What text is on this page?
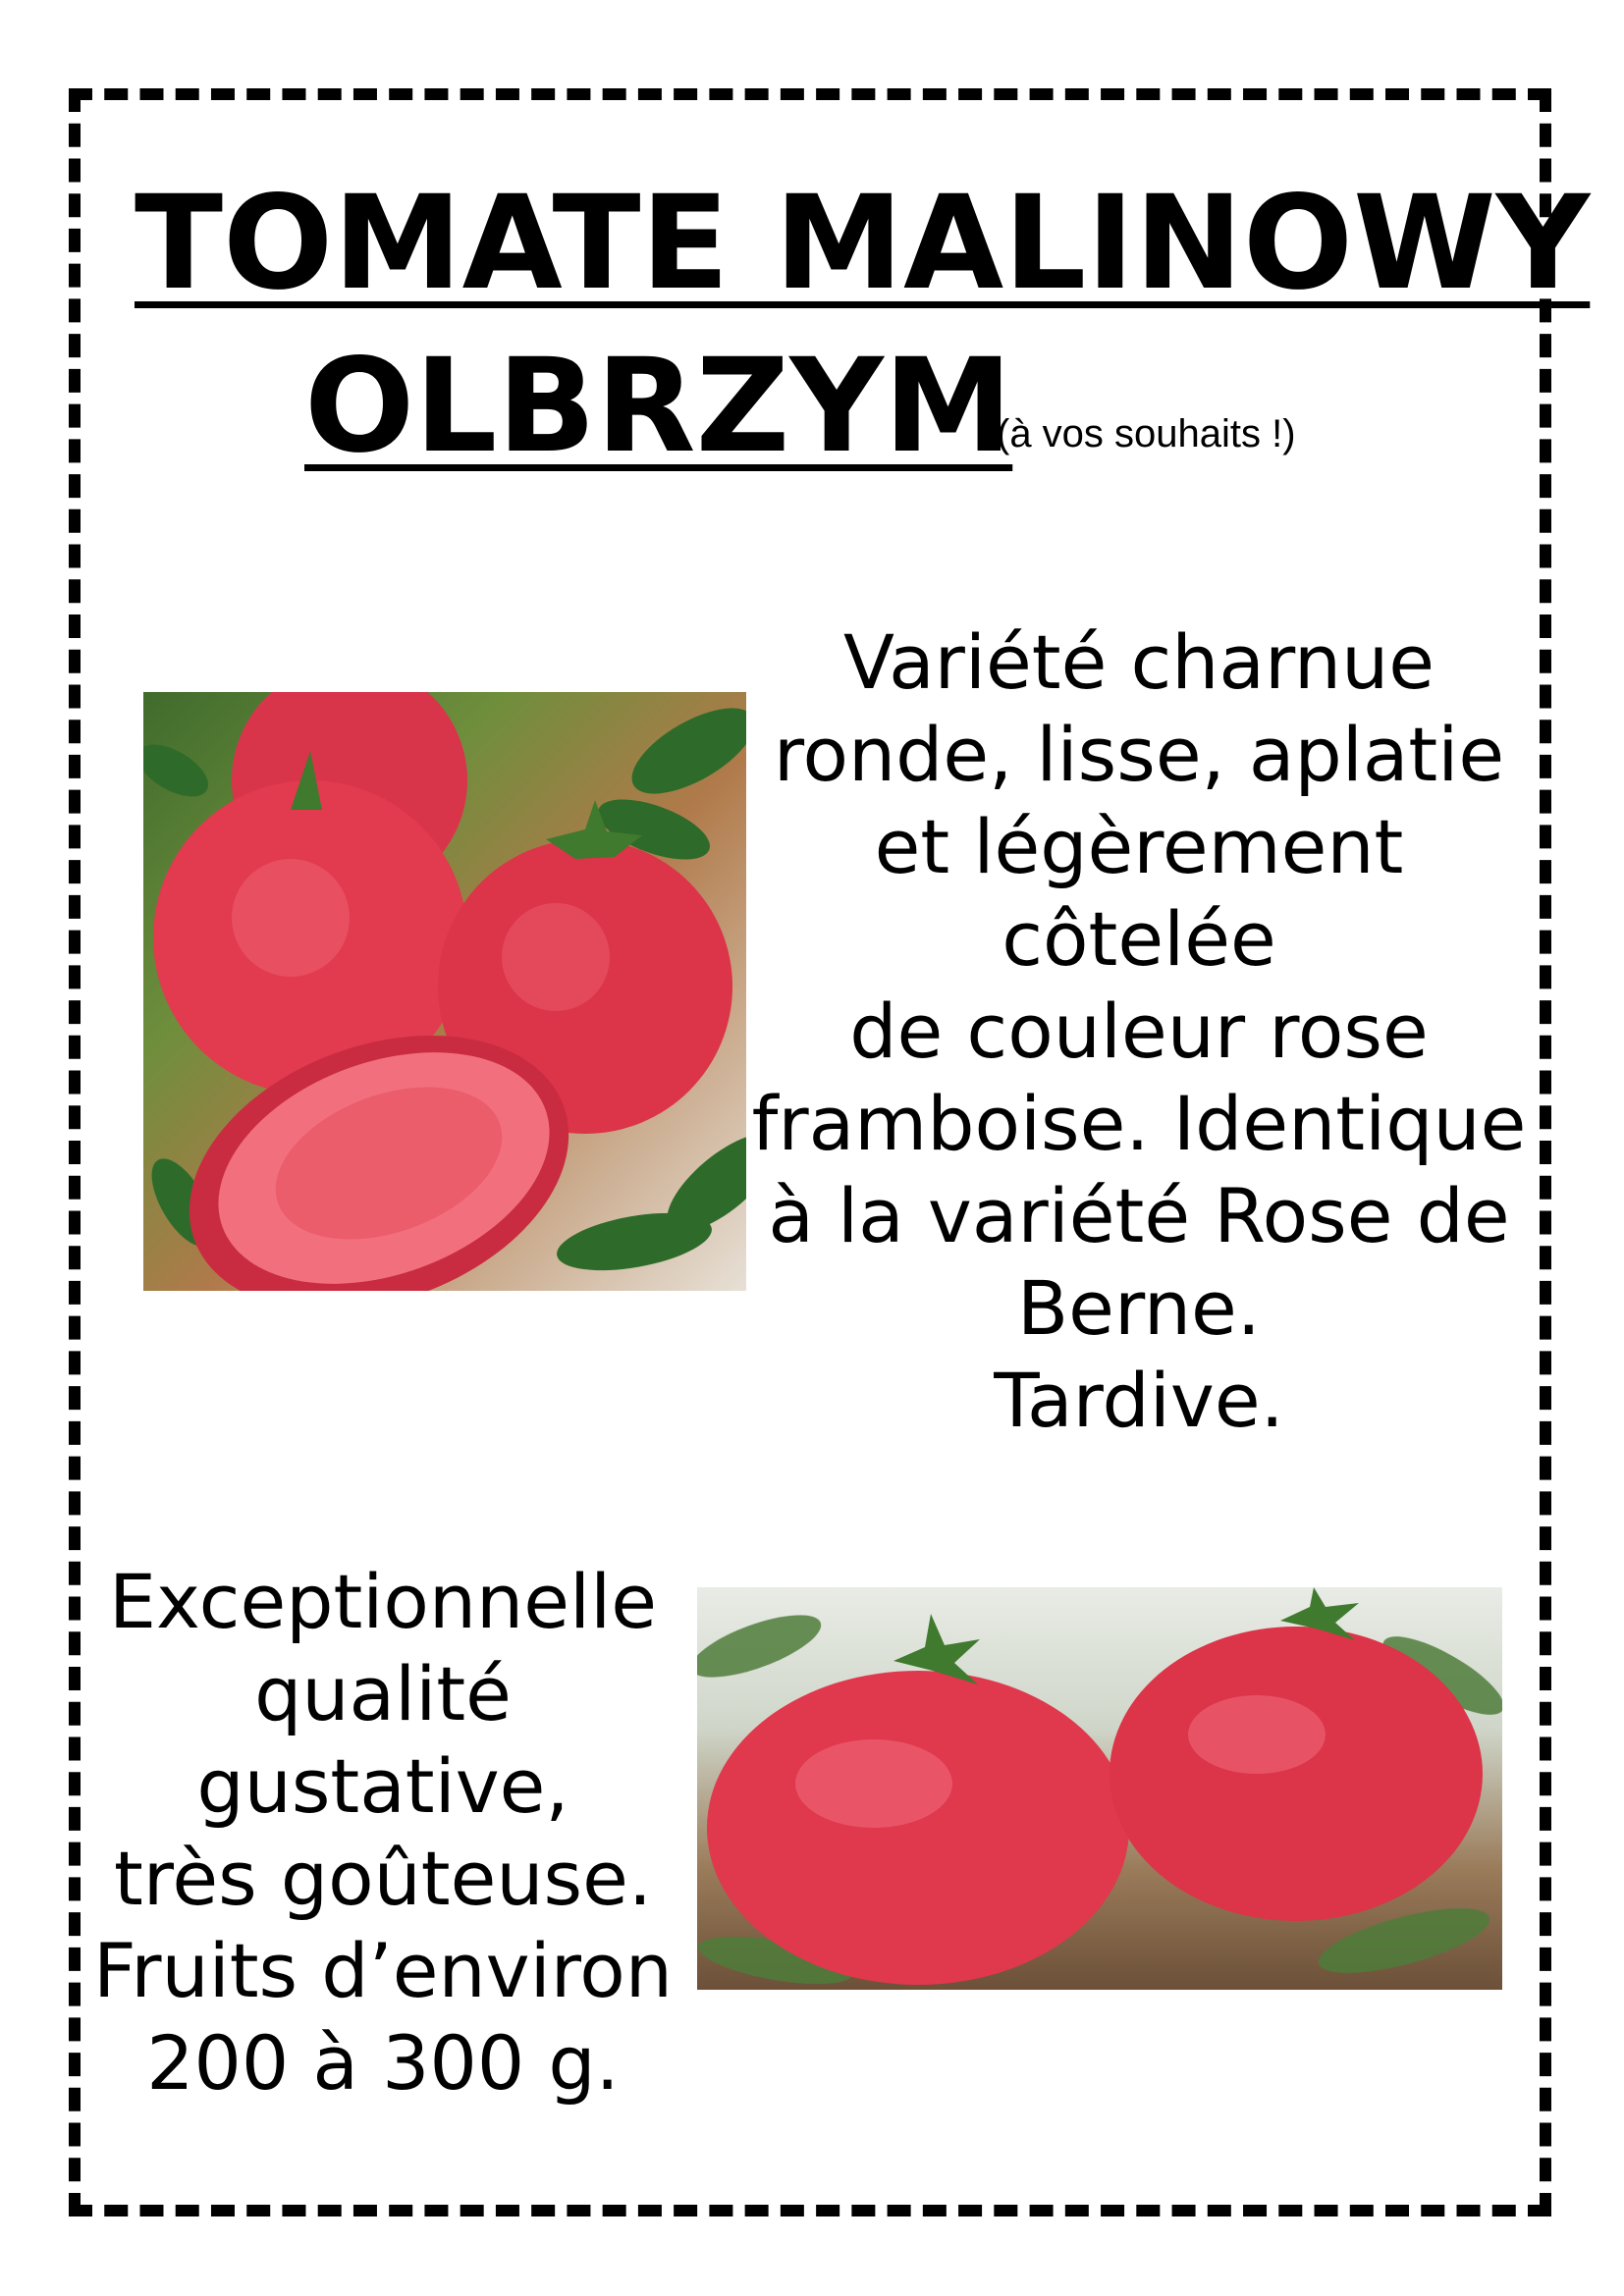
TOMATE MALINOWY
OLBRZYM
(à vos souhaits !)

Variété charnue
ronde, lisse, aplatie
et légèrement côtelée
de couleur rose
framboise. Identique
à la variété Rose de
Berne.
Tardive.

Exceptionnelle
qualité gustative,
très goûteuse.
Fruits d’environ
200 à 300 g.
